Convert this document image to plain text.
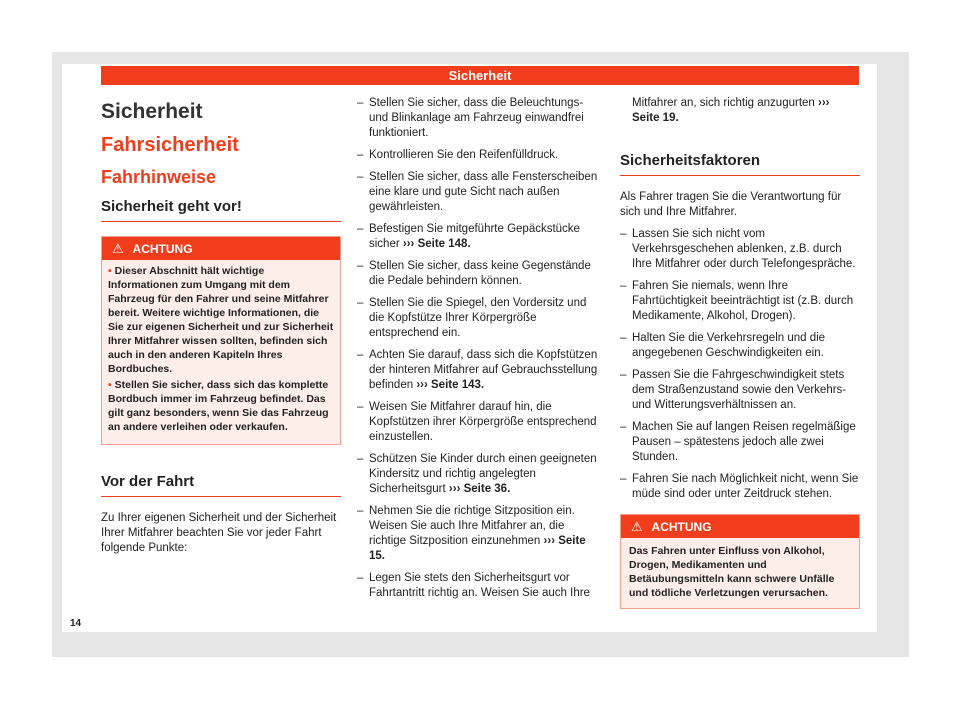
Sicherheit
Sicherheit
Fahrsicherheit
Fahrhinweise
Sicherheit geht vor!
⚠ ACHTUNG

• Dieser Abschnitt hält wichtige Informationen zum Umgang mit dem Fahrzeug für den Fahrer und seine Mitfahrer bereit. Weitere wichtige Informationen, die Sie zur eigenen Sicherheit und zur Sicherheit Ihrer Mitfahrer wissen sollten, befinden sich auch in den anderen Kapiteln Ihres Bordbuches.

• Stellen Sie sicher, dass sich das komplette Bordbuch immer im Fahrzeug befindet. Das gilt ganz besonders, wenn Sie das Fahrzeug an andere verleihen oder verkaufen.

Vor der Fahrt

Zu Ihrer eigenen Sicherheit und der Sicherheit Ihrer Mitfahrer beachten Sie vor jeder Fahrt folgende Punkte:

– Stellen Sie sicher, dass die Beleuchtungs- und Blinkanlage am Fahrzeug einwandfrei funktioniert.
– Kontrollieren Sie den Reifenfülldruck.
– Stellen Sie sicher, dass alle Fensterscheiben eine klare und gute Sicht nach außen gewährleisten.
– Befestigen Sie mitgeführte Gepäckstücke sicher ››› Seite 148.
– Stellen Sie sicher, dass keine Gegenstände die Pedale behindern können.
– Stellen Sie die Spiegel, den Vordersitz und die Kopfstütze Ihrer Körpergröße entsprechend ein.
– Achten Sie darauf, dass sich die Kopfstützen der hinteren Mitfahrer auf Gebrauchsstellung befinden ››› Seite 143.
– Weisen Sie Mitfahrer darauf hin, die Kopfstützen ihrer Körpergröße entsprechend einzustellen.
– Schützen Sie Kinder durch einen geeigneten Kindersitz und richtig angelegten Sicherheitsgurt ››› Seite 36.
– Nehmen Sie die richtige Sitzposition ein. Weisen Sie auch Ihre Mitfahrer an, die richtige Sitzposition einzunehmen ››› Seite 15.
– Legen Sie stets den Sicherheitsgurt vor Fahrtantritt richtig an. Weisen Sie auch Ihre

Mitfahrer an, sich richtig anzugurten ››› Seite 19.

Sicherheitsfaktoren

Als Fahrer tragen Sie die Verantwortung für sich und Ihre Mitfahrer.

– Lassen Sie sich nicht vom Verkehrsgeschehen ablenken, z.B. durch Ihre Mitfahrer oder durch Telefongespräche.
– Fahren Sie niemals, wenn Ihre Fahrtüchtigkeit beeinträchtigt ist (z.B. durch Medikamente, Alkohol, Drogen).
– Halten Sie die Verkehrsregeln und die angegebenen Geschwindigkeiten ein.
– Passen Sie die Fahrgeschwindigkeit stets dem Straßenzustand sowie den Verkehrs- und Witterungsverhältnissen an.
– Machen Sie auf langen Reisen regelmäßige Pausen – spätestens jedoch alle zwei Stunden.
– Fahren Sie nach Möglichkeit nicht, wenn Sie müde sind oder unter Zeitdruck stehen.
⚠ ACHTUNG
Das Fahren unter Einfluss von Alkohol, Drogen, Medikamenten und Betäubungsmitteln kann schwere Unfälle und tödliche Verletzungen verursachen.
14
